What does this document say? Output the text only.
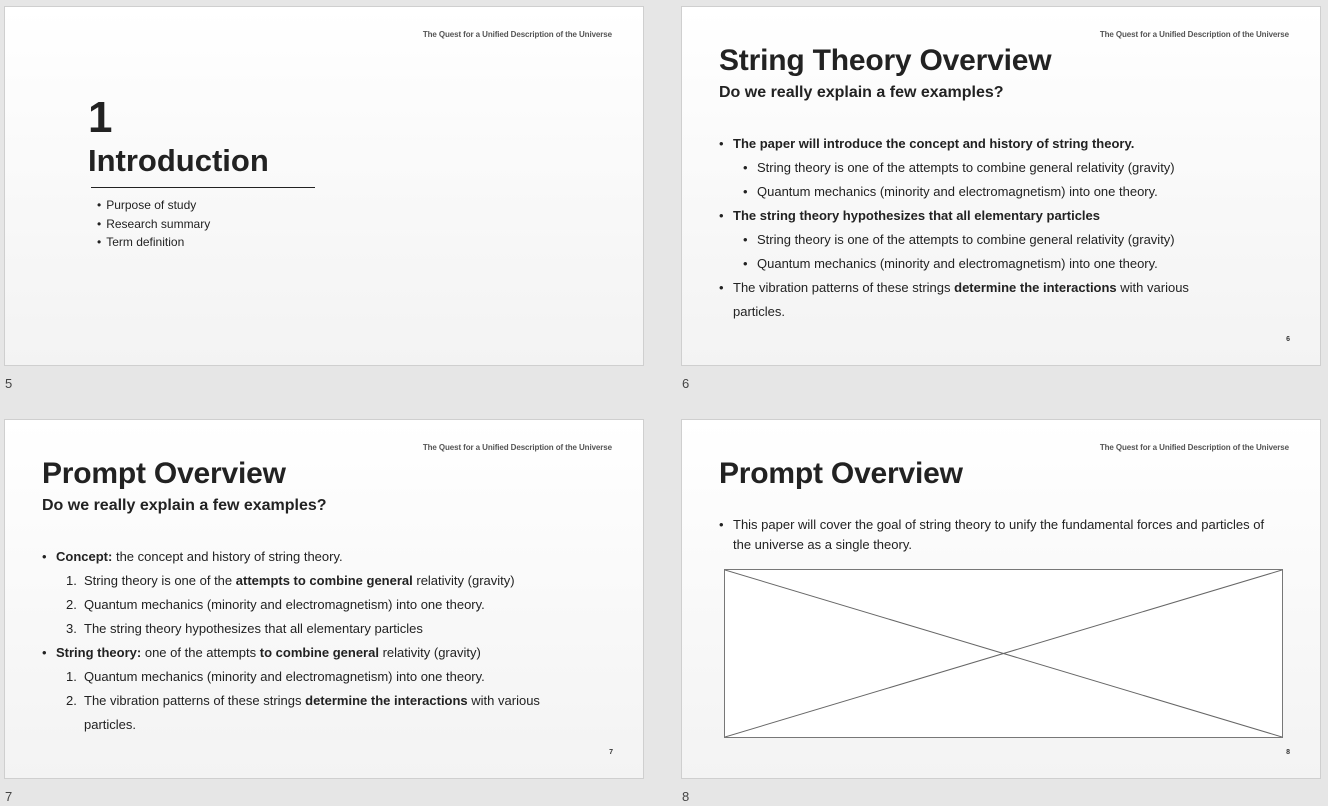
The Quest for a Unified Description of the Universe
1
Introduction
• Purpose of study
• Research summary
• Term definition
5
The Quest for a Unified Description of the Universe
String Theory Overview
Do we really explain a few examples?
• The paper will introduce the concept and history of string theory.
• String theory is one of the attempts to combine general relativity (gravity)
• Quantum mechanics (minority and electromagnetism) into one theory.
• The string theory hypothesizes that all elementary particles
• String theory is one of the attempts to combine general relativity (gravity)
• Quantum mechanics (minority and electromagnetism) into one theory.
• The vibration patterns of these strings determine the interactions with various
particles.
6
6
The Quest for a Unified Description of the Universe
Prompt Overview
Do we really explain a few examples?
• Concept: the concept and history of string theory.
1. String theory is one of the attempts to combine general relativity (gravity)
2. Quantum mechanics (minority and electromagnetism) into one theory.
3. The string theory hypothesizes that all elementary particles
• String theory: one of the attempts to combine general relativity (gravity)
1. Quantum mechanics (minority and electromagnetism) into one theory.
2. The vibration patterns of these strings determine the interactions with various
particles.
7
7
The Quest for a Unified Description of the Universe
Prompt Overview
• This paper will cover the goal of string theory to unify the fundamental forces and particles of the universe as a single theory.
8
8
